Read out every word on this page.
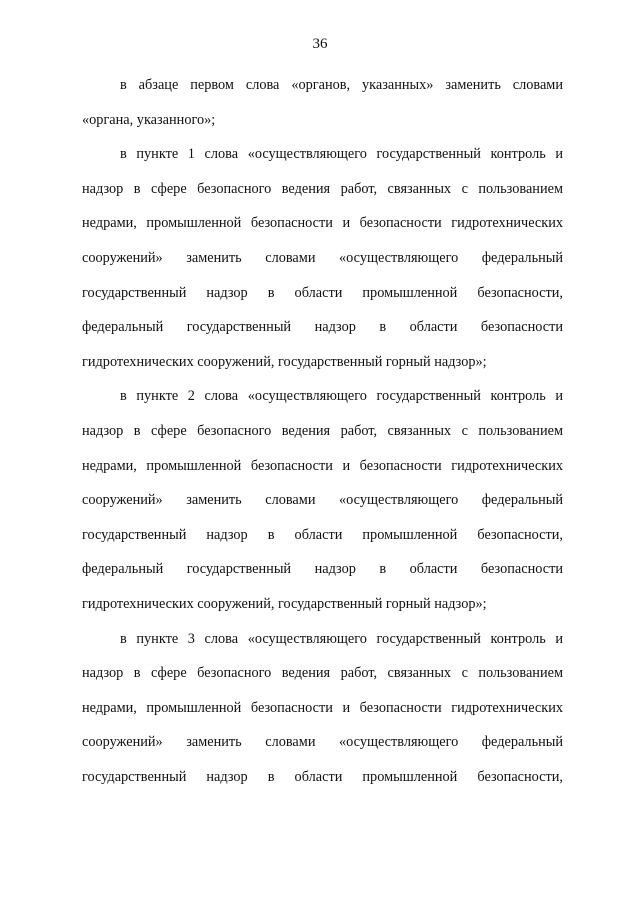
36
в абзаце первом слова «органов, указанных» заменить словами
«органа, указанного»;
в пункте 1 слова «осуществляющего государственный контроль и
надзор в сфере безопасного ведения работ, связанных с пользованием
недрами, промышленной безопасности и безопасности гидротехнических
сооружений» заменить словами «осуществляющего федеральный
государственный надзор в области промышленной безопасности,
федеральный государственный надзор в области безопасности
гидротехнических сооружений, государственный горный надзор»;
в пункте 2 слова «осуществляющего государственный контроль и
надзор в сфере безопасного ведения работ, связанных с пользованием
недрами, промышленной безопасности и безопасности гидротехнических
сооружений» заменить словами «осуществляющего федеральный
государственный надзор в области промышленной безопасности,
федеральный государственный надзор в области безопасности
гидротехнических сооружений, государственный горный надзор»;
в пункте 3 слова «осуществляющего государственный контроль и
надзор в сфере безопасного ведения работ, связанных с пользованием
недрами, промышленной безопасности и безопасности гидротехнических
сооружений» заменить словами «осуществляющего федеральный
государственный надзор в области промышленной безопасности,
